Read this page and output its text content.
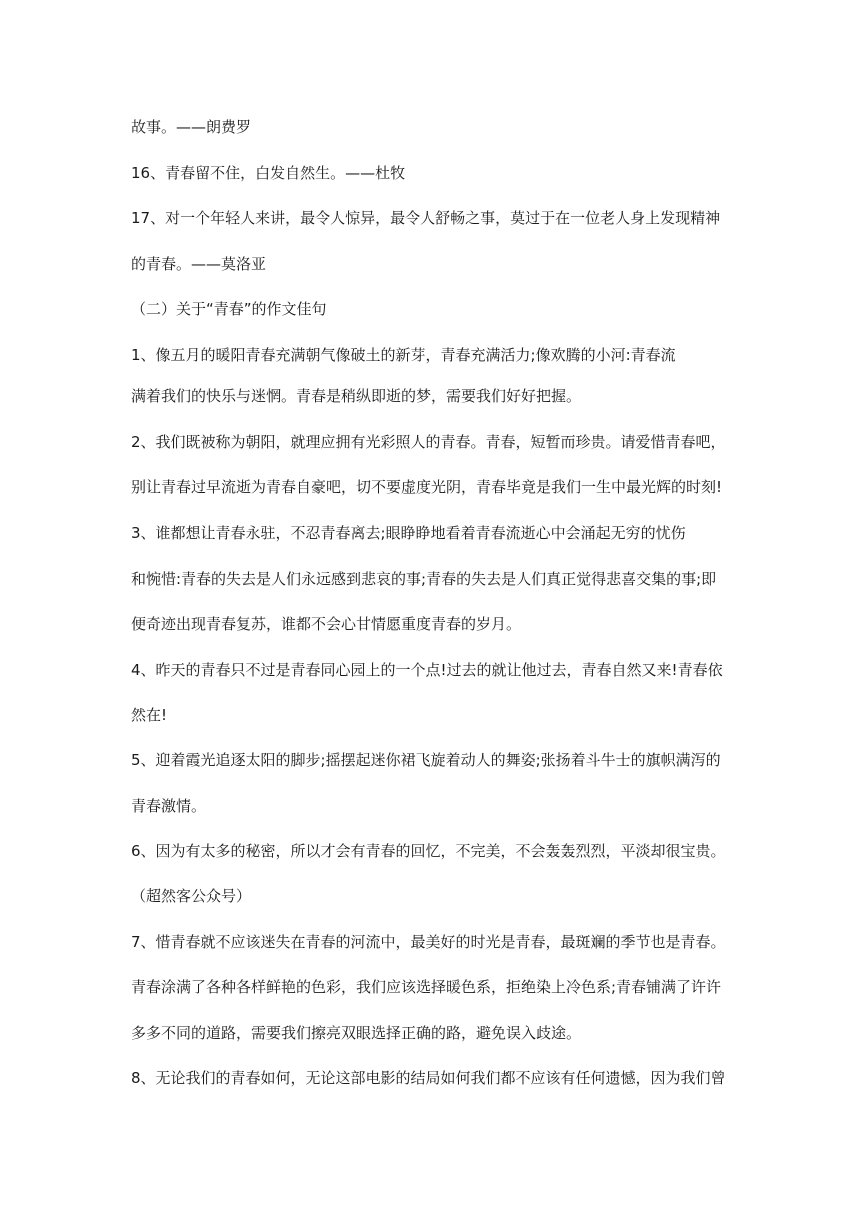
故事。——朗费罗
16、青春留不住，白发自然生。——杜牧
17、对一个年轻人来讲，最令人惊异，最令人舒畅之事，莫过于在一位老人身上发现精神
的青春。——莫洛亚
（二）关于“青春”的作文佳句
1、像五月的暖阳青春充满朝气像破土的新芽，青春充满活力;像欢腾的小河:青春流
满着我们的快乐与迷惘。青春是稍纵即逝的梦，需要我们好好把握。
2、我们既被称为朝阳，就理应拥有光彩照人的青春。青春，短暂而珍贵。请爱惜青春吧，
别让青春过早流逝为青春自豪吧，切不要虚度光阴，青春毕竟是我们一生中最光辉的时刻!
3、谁都想让青春永驻，不忍青春离去;眼睁睁地看着青春流逝心中会涌起无穷的忧伤
和惋惜:青春的失去是人们永远感到悲哀的事;青春的失去是人们真正觉得悲喜交集的事;即
便奇迹出现青春复苏，谁都不会心甘情愿重度青春的岁月。
4、昨天的青春只不过是青春同心园上的一个点!过去的就让他过去，青春自然又来!青春依
然在!
5、迎着霞光追逐太阳的脚步;摇摆起迷你裙飞旋着动人的舞姿;张扬着斗牛士的旗帜满泻的
青春激情。
6、因为有太多的秘密，所以才会有青春的回忆，不完美，不会轰轰烈烈，平淡却很宝贵。
（超然客公众号）
7、惜青春就不应该迷失在青春的河流中，最美好的时光是青春，最斑斓的季节也是青春。
青春涂满了各种各样鲜艳的色彩，我们应该选择暖色系，拒绝染上冷色系;青春铺满了许许
多多不同的道路，需要我们擦亮双眼选择正确的路，避免误入歧途。
8、无论我们的青春如何，无论这部电影的结局如何我们都不应该有任何遗憾，因为我们曾
